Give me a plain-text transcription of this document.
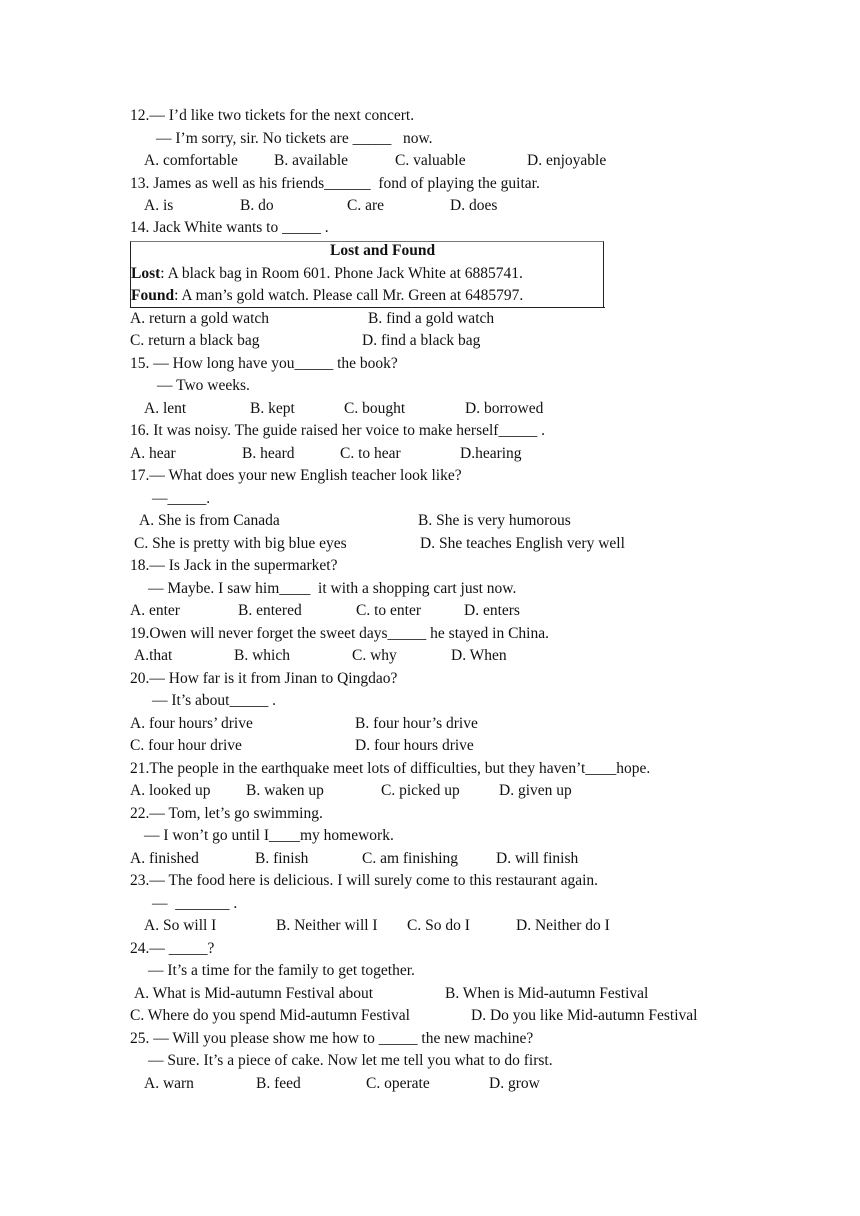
12.— I’d like two tickets for the next concert.
— I’m sorry, sir. No tickets are _____   now.
A. comfortable B. available	C. valuable	D. enjoyable
13. James as well as his friends______  fond of playing the guitar.
A. is	B. do	C. are	D. does
14. Jack White wants to _____ .
Lost and Found
Lost: A black bag in Room 601. Phone Jack White at 6885741.
Found: A man’s gold watch. Please call Mr. Green at 6485797.
A. return a gold watch	B. find a gold watch
C. return a black bag	D. find a black bag
15. — How long have you_____ the book?
— Two weeks.
A. lent	B. kept	C. bought	D. borrowed
16. It was noisy. The guide raised her voice to make herself_____ .
A. hear	B. heard	C. to hear	D.hearing
17.— What does your new English teacher look like?
—_____.
A. She is from Canada	B. She is very humorous
C. She is pretty with big blue eyes	D. She teaches English very well
18.— Is Jack in the supermarket?
— Maybe. I saw him____  it with a shopping cart just now.
A. enter	B. entered	C. to enter	D. enters
19.Owen will never forget the sweet days_____ he stayed in China.
A.that	B. which	C. why	D. When
20.— How far is it from Jinan to Qingdao?
— It’s about_____ .
A. four hours’ drive	B. four hour’s drive
C. four hour drive	D. four hours drive
21.The people in the earthquake meet lots of difficulties, but they haven’t____hope.
A. looked up B. waken up	C. picked up	D. given up
22.— Tom, let’s go swimming.
— I won’t go until I____my homework.
A. finished	B. finish	C. am finishing D. will finish
23.— The food here is delicious. I will surely come to this restaurant again.
—  _______ .
A. So will I	B. Neither will I C. So do I	D. Neither do I
24.— _____?
— It’s a time for the family to get together.
A. What is Mid-autumn Festival about	B. When is Mid-autumn Festival
C. Where do you spend Mid-autumn Festival	D. Do you like Mid-autumn Festival
25. — Will you please show me how to _____ the new machine?
— Sure. It’s a piece of cake. Now let me tell you what to do first.
A. warn	B. feed	C. operate	D. grow
